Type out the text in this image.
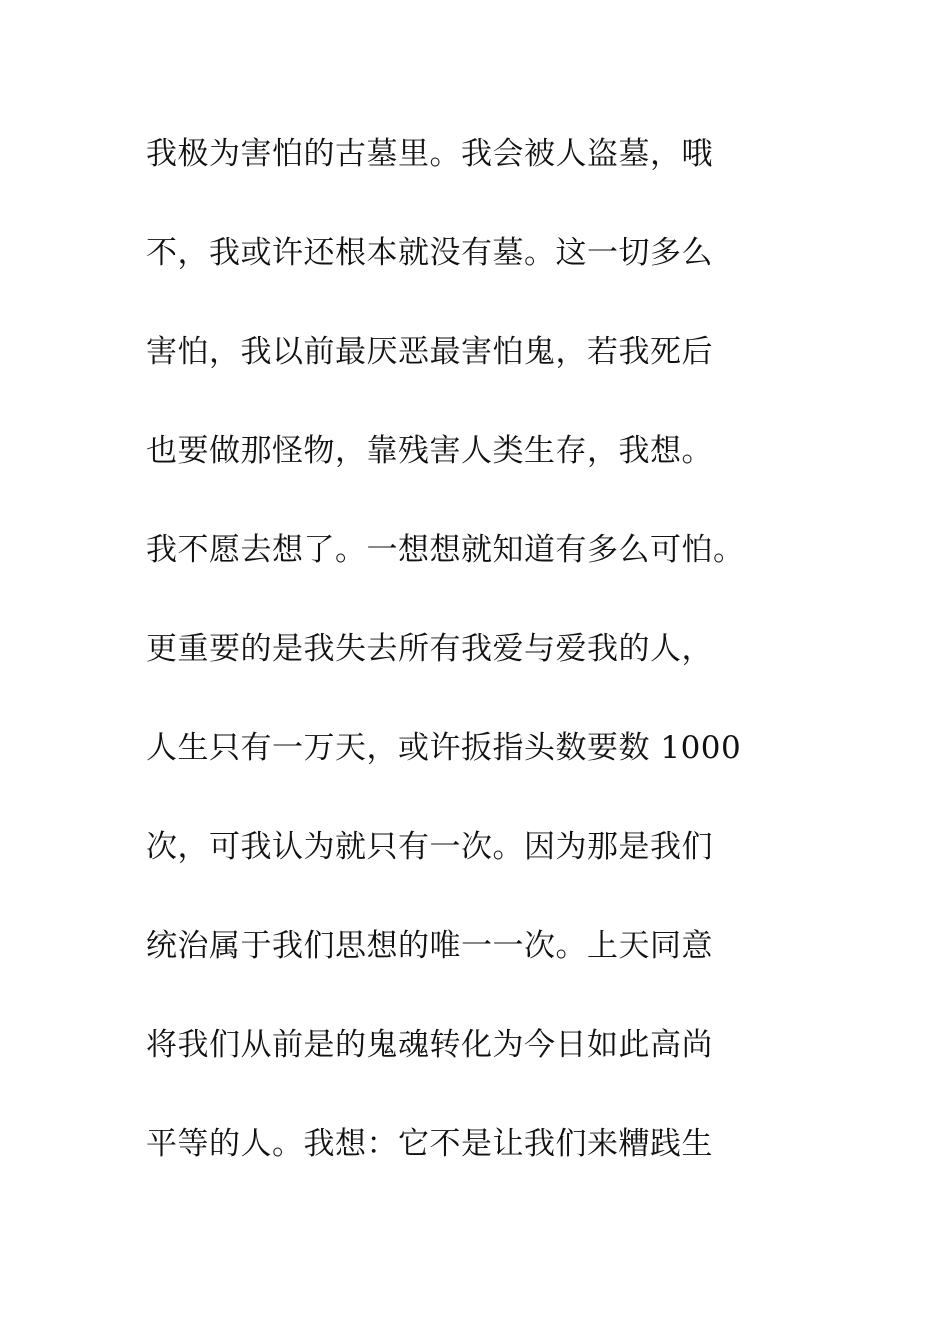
我极为害怕的古墓里。我会被人盗墓，哦
不，我或许还根本就没有墓。这一切多么
害怕，我以前最厌恶最害怕鬼，若我死后
也要做那怪物，靠残害人类生存，我想。
我不愿去想了。一想想就知道有多么可怕。
更重要的是我失去所有我爱与爱我的人，
人生只有一万天，或许扳指头数要数 1000
次，可我认为就只有一次。因为那是我们
统治属于我们思想的唯一一次。上天同意
将我们从前是的鬼魂转化为今日如此高尚
平等的人。我想：它不是让我们来糟践生
